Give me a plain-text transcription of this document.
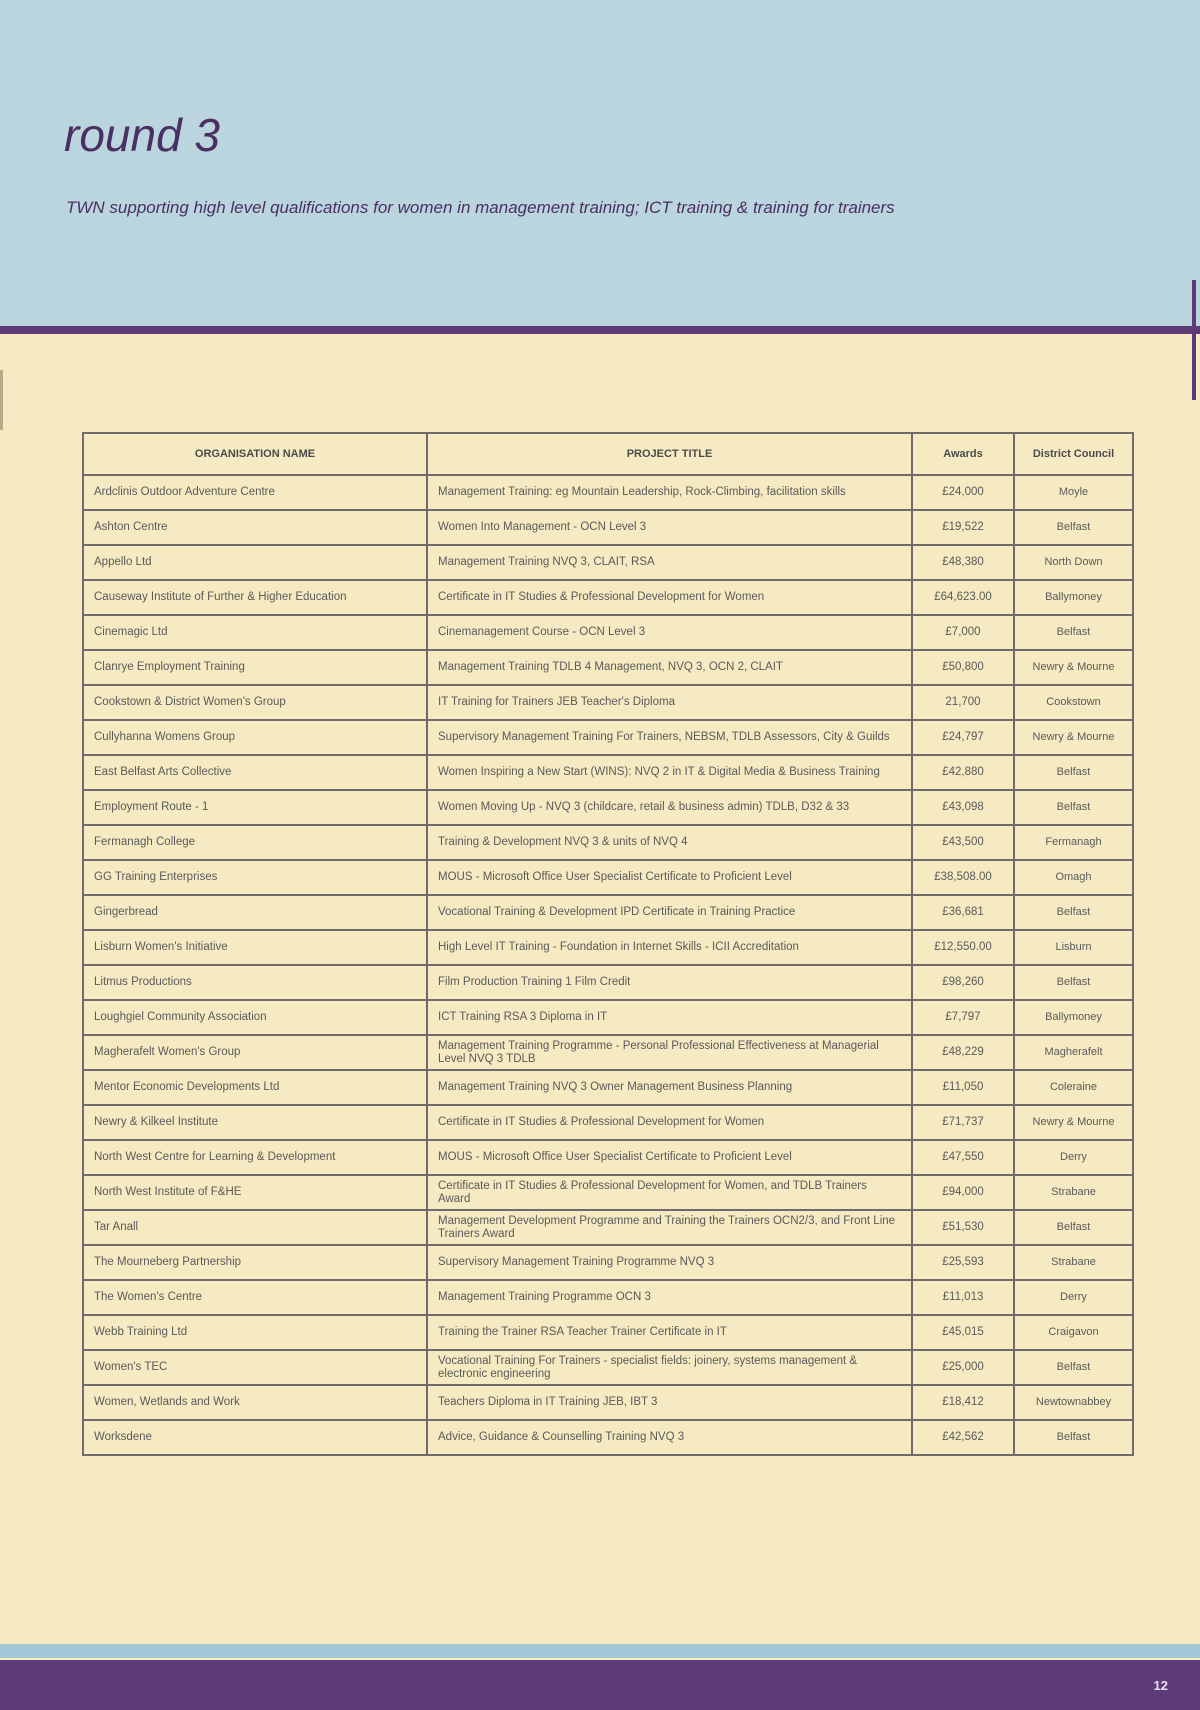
round 3

TWN supporting high level qualifications for women in management training; ICT training & training for trainers

ORGANISATION NAME	PROJECT TITLE	Awards	District Council
Ardclinis Outdoor Adventure Centre	Management Training: eg Mountain Leadership, Rock-Climbing, facilitation skills	£24,000	Moyle
Ashton Centre	Women Into Management - OCN Level 3	£19,522	Belfast
Appello Ltd	Management Training NVQ 3, CLAIT, RSA	£48,380	North Down
Causeway Institute of Further & Higher Education	Certificate in IT Studies & Professional Development for Women	£64,623.00	Ballymoney
Cinemagic Ltd	Cinemanagement Course - OCN Level 3	£7,000	Belfast
Clanrye Employment Training	Management Training TDLB 4 Management, NVQ 3, OCN 2, CLAIT	£50,800	Newry & Mourne
Cookstown & District Women's Group	IT Training for Trainers JEB Teacher's Diploma	21,700	Cookstown
Cullyhanna Womens Group	Supervisory Management Training For Trainers, NEBSM, TDLB Assessors, City & Guilds	£24,797	Newry & Mourne
East Belfast Arts Collective	Women Inspiring a New Start (WINS): NVQ 2 in IT & Digital Media & Business Training	£42,880	Belfast
Employment Route - 1	Women Moving Up - NVQ 3 (childcare, retail & business admin) TDLB, D32 & 33	£43,098	Belfast
Fermanagh College	Training & Development NVQ 3 & units of NVQ 4	£43,500	Fermanagh
GG Training Enterprises	MOUS - Microsoft Office User Specialist Certificate to Proficient Level	£38,508.00	Omagh
Gingerbread	Vocational Training & Development IPD Certificate in Training Practice	£36,681	Belfast
Lisburn Women's Initiative	High Level IT Training - Foundation in Internet Skills - ICII Accreditation	£12,550.00	Lisburn
Litmus Productions	Film Production Training 1 Film Credit	£98,260	Belfast
Loughgiel Community Association	ICT Training RSA 3 Diploma in IT	£7,797	Ballymoney
Magherafelt Women's Group	Management Training Programme - Personal Professional Effectiveness at Managerial Level NVQ 3 TDLB	£48,229	Magherafelt
Mentor Economic Developments Ltd	Management Training NVQ 3 Owner Management Business Planning	£11,050	Coleraine
Newry & Kilkeel Institute	Certificate in IT Studies & Professional Development for Women	£71,737	Newry & Mourne
North West Centre for Learning & Development	MOUS - Microsoft Office User Specialist Certificate to Proficient Level	£47,550	Derry
North West Institute of F&HE	Certificate in IT Studies & Professional Development for Women, and TDLB Trainers Award	£94,000	Strabane
Tar Anall	Management Development Programme and Training the Trainers OCN2/3, and Front Line Trainers Award	£51,530	Belfast
The Mourneberg Partnership	Supervisory Management Training Programme NVQ 3	£25,593	Strabane
The Women's Centre	Management Training Programme OCN 3	£11,013	Derry
Webb Training Ltd	Training the Trainer RSA Teacher Trainer Certificate in IT	£45,015	Craigavon
Women's TEC	Vocational Training For Trainers - specialist fields: joinery, systems management & electronic engineering	£25,000	Belfast
Women, Wetlands and Work	Teachers Diploma in IT Training JEB, IBT 3	£18,412	Newtownabbey
Worksdene	Advice, Guidance & Counselling Training NVQ 3	£42,562	Belfast
12
